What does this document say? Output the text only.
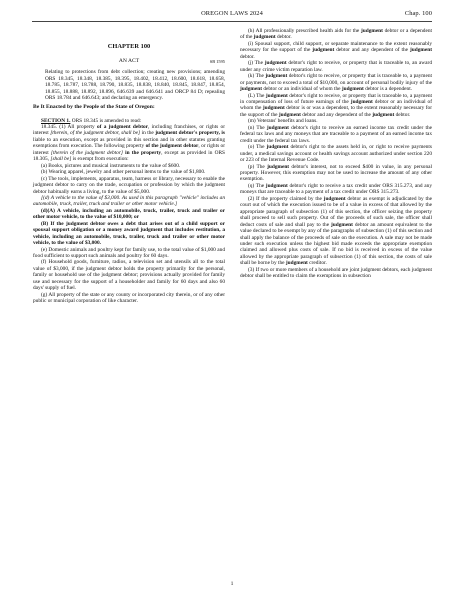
OREGON LAWS 2024	Chap. 100
CHAPTER 100
AN ACT	SB 1595

Relating to protections from debt collection; creating new provisions; amending ORS 18.345, 18.348, 18.385, 18.395, 18.402, 18.412, 18.600, 18.618, 18.658, 18.785, 18.787, 18.788, 18.790, 18.835, 18.838, 18.840, 18.845, 18.847, 18.854, 18.855, 18.888, 18.892, 18.896, 646.639 and 646.641 and ORCP 84 D; repealing ORS 18.784 and 646.643; and declaring an emergency.

Be It Enacted by the People of the State of Oregon:

SECTION 1. ORS 18.345 is amended to read:

18.345. (1) All property of a judgment debtor, including franchises, or rights or interest [therein, of the judgment debtor, shall be] in the judgment debtor's property, is liable to an execution, except as provided in this section and in other statutes granting exemptions from execution. The following property of the judgment debtor, or rights or interest [therein of the judgment debtor] in the property, except as provided in ORS 18.305, [shall be] is exempt from execution:

(a) Books, pictures and musical instruments to the value of $600.

(b) Wearing apparel, jewelry and other personal items to the value of $1,800.

(c) The tools, implements, apparatus, team, harness or library, necessary to enable the judgment debtor to carry on the trade, occupation or profession by which the judgment debtor habitually earns a living, to the value of $5,000.

[(d) A vehicle to the value of $3,000. As used in this paragraph "vehicle" includes an automobile, truck, trailer, truck and trailer or other motor vehicle.]

(d)(A) A vehicle, including an automobile, truck, trailer, truck and trailer or other motor vehicle, to the value of $10,000; or

(B) If the judgment debtor owes a debt that arises out of a child support or spousal support obligation or a money award judgment that includes restitution, a vehicle, including an automobile, truck, trailer, truck and trailer or other motor vehicle, to the value of $3,000.

(e) Domestic animals and poultry kept for family use, to the total value of $1,000 and food sufficient to support such animals and poultry for 60 days.

(f) Household goods, furniture, radios, a television set and utensils all to the total value of $3,000, if the judgment debtor holds the property primarily for the personal, family or household use of the judgment debtor; provisions actually provided for family use and necessary for the support of a householder and family for 60 days and also 60 days' supply of fuel.

(g) All property of the state or any county or incorporated city therein, or of any other public or municipal corporation of like character.

(h) All professionally prescribed health aids for the judgment debtor or a dependent of the judgment debtor.

(i) Spousal support, child support, or separate maintenance to the extent reasonably necessary for the support of the judgment debtor and any dependent of the judgment debtor.

(j) The judgment debtor's right to receive, or property that is traceable to, an award under any crime victim reparation law.

(k) The judgment debtor's right to receive, or property that is traceable to, a payment or payments, not to exceed a total of $10,000, on account of personal bodily injury of the judgment debtor or an individual of whom the judgment debtor is a dependent.

(L) The judgment debtor's right to receive, or property that is traceable to, a payment in compensation of loss of future earnings of the judgment debtor or an individual of whom the judgment debtor is or was a dependent, to the extent reasonably necessary for the support of the judgment debtor and any dependent of the judgment debtor.

(m) Veterans' benefits and loans.

(n) The judgment debtor's right to receive an earned income tax credit under the federal tax laws and any moneys that are traceable to a payment of an earned income tax credit under the federal tax laws.

(o) The judgment debtor's right to the assets held in, or right to receive payments under, a medical savings account or health savings account authorized under section 220 or 223 of the Internal Revenue Code.

(p) The judgment debtor's interest, not to exceed $400 in value, in any personal property. However, this exemption may not be used to increase the amount of any other exemption.

(q) The judgment debtor's right to receive a tax credit under ORS 315.273, and any moneys that are traceable to a payment of a tax credit under ORS 315.273.

(2) If the property claimed by the judgment debtor as exempt is adjudicated by the court out of which the execution issued to be of a value in excess of that allowed by the appropriate paragraph of subsection (1) of this section, the officer seizing the property shall proceed to sell such property. Out of the proceeds of such sale, the officer shall deduct costs of sale and shall pay to the judgment debtor an amount equivalent to the value declared to be exempt by any of the paragraphs of subsection (1) of this section and shall apply the balance of the proceeds of sale on the execution. A sale may not be made under such execution unless the highest bid made exceeds the appropriate exemption claimed and allowed plus costs of sale. If no bid is received in excess of the value allowed by the appropriate paragraph of subsection (1) of this section, the costs of sale shall be borne by the judgment creditor.

(3) If two or more members of a household are joint judgment debtors, each judgment debtor shall be entitled to claim the exemptions in subsection

1
